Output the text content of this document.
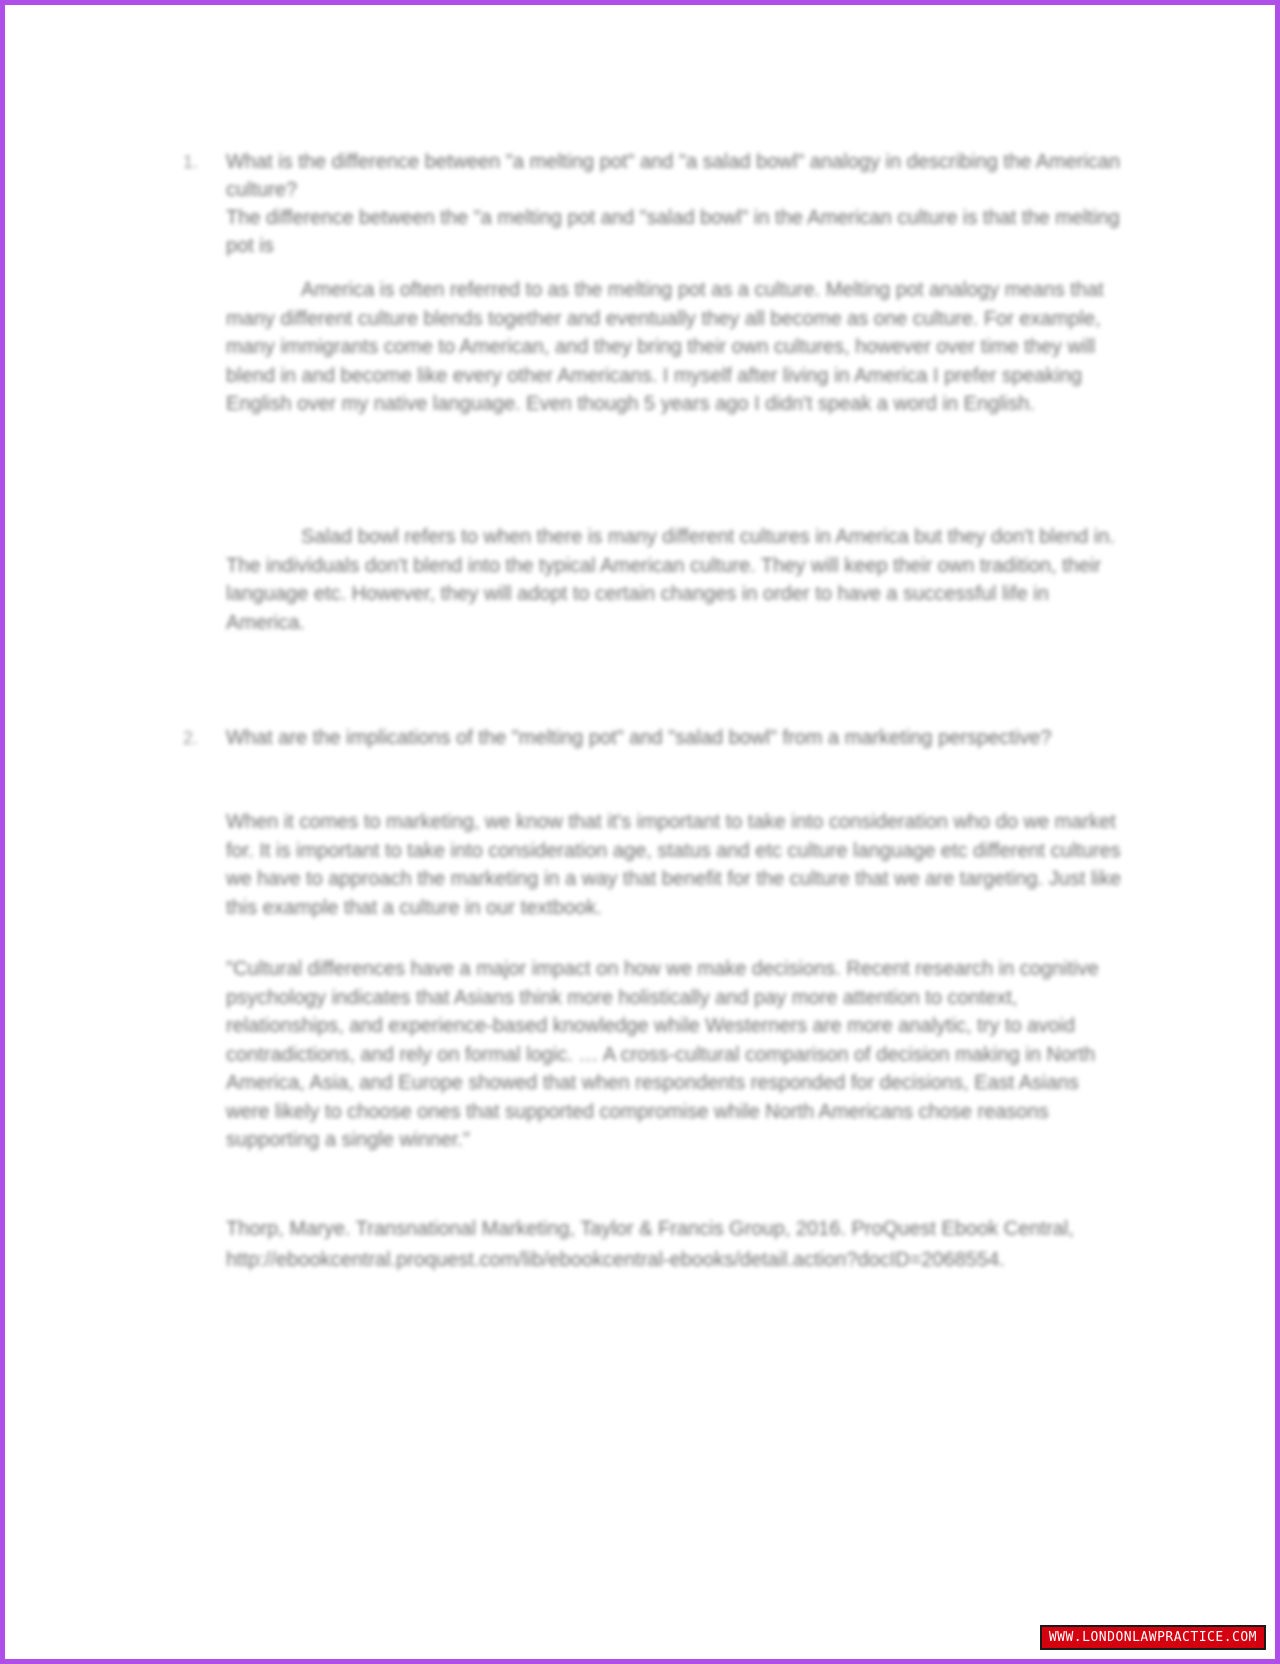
1. What is the difference between "a melting pot" and "a salad bowl" analogy in describing the American culture?
The difference between the "a melting pot and "salad bowl" in the American culture is that the melting pot is

America is often referred to as the melting pot as a culture. Melting pot analogy means that many different culture blends together and eventually they all become as one culture. For example, many immigrants come to American, and they bring their own cultures, however over time they will blend in and become like every other Americans. I myself after living in America I prefer speaking English over my native language. Even though 5 years ago I didn't speak a word in English.

Salad bowl refers to when there is many different cultures in America but they don't blend in. The individuals don't blend into the typical American culture. They will keep their own tradition, their language etc. However, they will adopt to certain changes in order to have a successful life in America.

2. What are the implications of the "melting pot" and "salad bowl" from a marketing perspective?

When it comes to marketing, we know that it's important to take into consideration who do we market for. It is important to take into consideration age, status and etc culture language etc different cultures we have to approach the marketing in a way that benefit for the culture that we are targeting. Just like this example that a culture in our textbook.

"Cultural differences have a major impact on how we make decisions. Recent research in cognitive psychology indicates that Asians think more holistically and pay more attention to context, relationships, and experience-based knowledge while Westerners are more analytic, try to avoid contradictions, and rely on formal logic. … A cross-cultural comparison of decision making in North America, Asia, and Europe showed that when respondents responded for decisions, East Asians were likely to choose ones that supported compromise while North Americans chose reasons supporting a single winner."

Thorp, Marye. Transnational Marketing, Taylor & Francis Group, 2016. ProQuest Ebook Central, http://ebookcentral.proquest.com/lib/ebookcentral-ebooks/detail.action?docID=2068554.

WWW.LONDONLAWPRACTICE.COM
